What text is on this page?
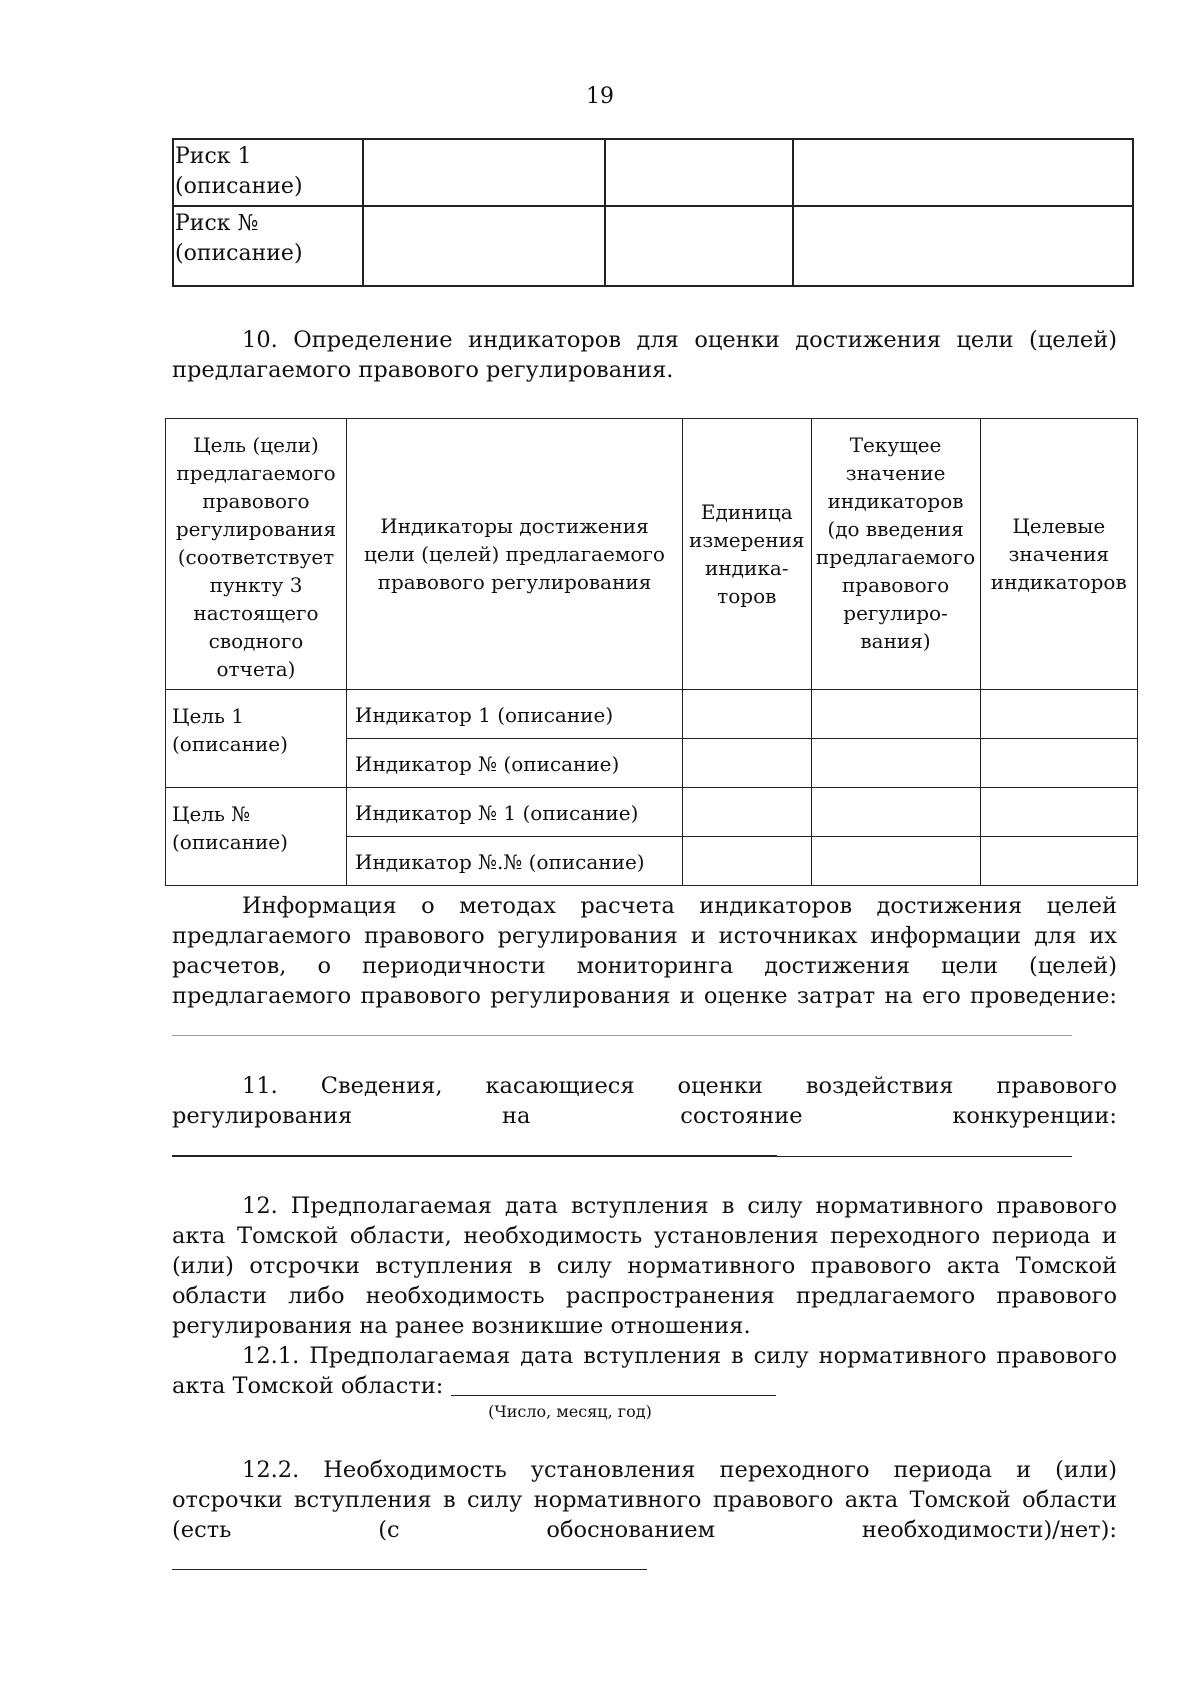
19
Риск 1
(описание)			
Риск №
(описание)			

10. Определение индикаторов для оценки достижения цели (целей) предлагаемого правового регулирования.

Цель (цели) предлагаемого правового регулирования (соответствует пункту 3 настоящего сводного отчета)	Индикаторы достижения цели (целей) предлагаемого правового регулирования	Единица измерения индика-торов	Текущее значение индикаторов (до введения предлагаемого правового регулиро-вания)	Целевые значения индикаторов
Цель 1 (описание)	Индикатор 1 (описание)			
	Индикатор № (описание)			
Цель № (описание)	Индикатор № 1 (описание)			
	Индикатор №.№ (описание)			

Информация о методах расчета индикаторов достижения целей предлагаемого правового регулирования и источниках информации для их расчетов, о периодичности мониторинга достижения цели (целей) предлагаемого правового регулирования и оценке затрат на его проведение:

11. Сведения, касающиеся оценки воздействия правового регулирования на состояние конкуренции:

12. Предполагаемая дата вступления в силу нормативного правового акта Томской области, необходимость установления переходного периода и (или) отсрочки вступления в силу нормативного правового акта Томской области либо необходимость распространения предлагаемого правового регулирования на ранее возникшие отношения.

12.1. Предполагаемая дата вступления в силу нормативного правового акта Томской области:

(Число, месяц, год)

12.2. Необходимость установления переходного периода и (или) отсрочки вступления в силу нормативного правового акта Томской области (есть (с обоснованием необходимости)/нет):
